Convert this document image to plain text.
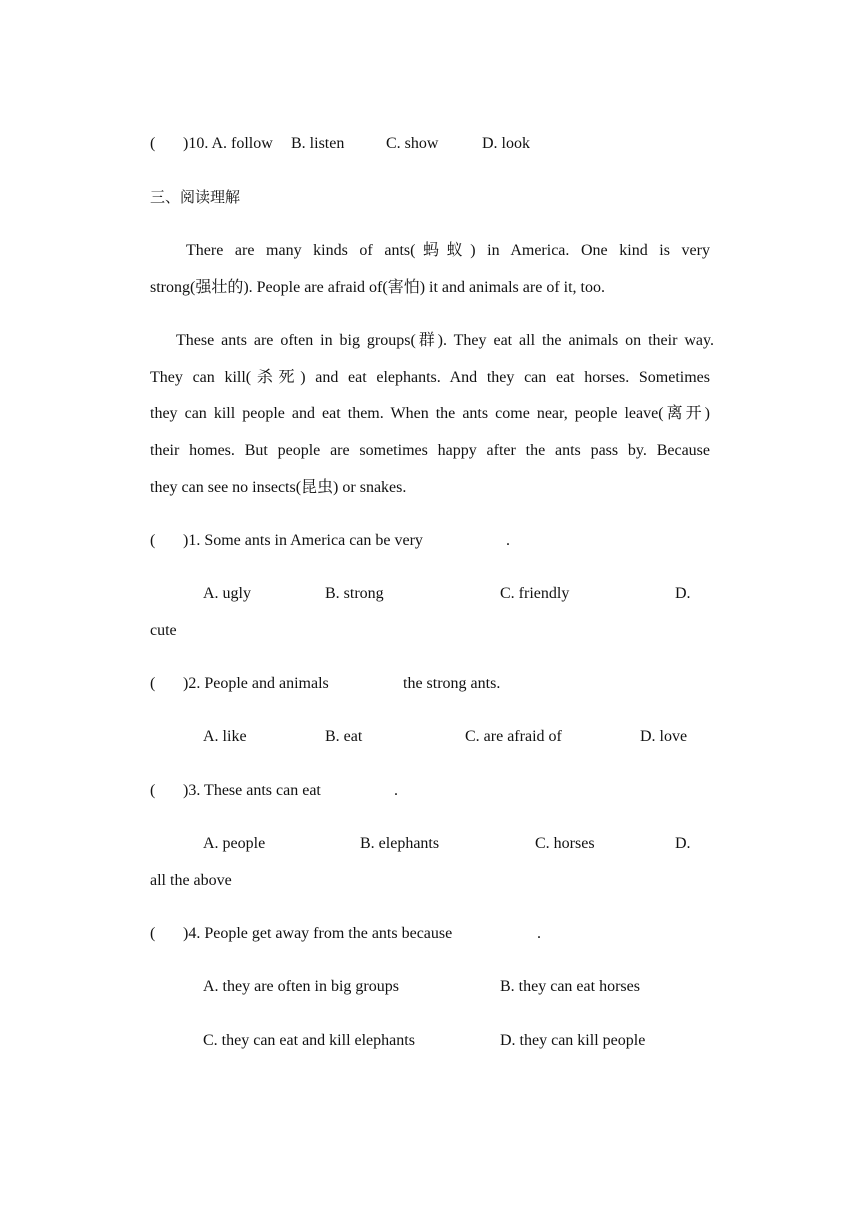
( )10. A. follow B. listen	C. show	D. look
三、阅读理解
There are many kinds of ants(蚂蚁) in America. One kind is very
strong(强壮的). People are afraid of(害怕) it and animals are of it, too.
These ants are often in big groups(群). They eat all the animals on their way.
They can kill(杀死) and eat elephants. And they can eat horses. Sometimes
they can kill people and eat them. When the ants come near, people leave(离开)
their homes. But people are sometimes happy after the ants pass by. Because
they can see no insects(昆虫) or snakes.
( )1. Some ants in America can be very	.
A. ugly	B. strong	C. friendly	D.
cute
( )2. People and animals	the strong ants.
A. like	B. eat	C. are afraid of	D. love
( )3. These ants can eat	.
A. people	B. elephants	C. horses	D.
all the above
( )4. People get away from the ants because	.
A. they are often in big groups	B. they can eat horses
C. they can eat and kill elephants	D. they can kill people
